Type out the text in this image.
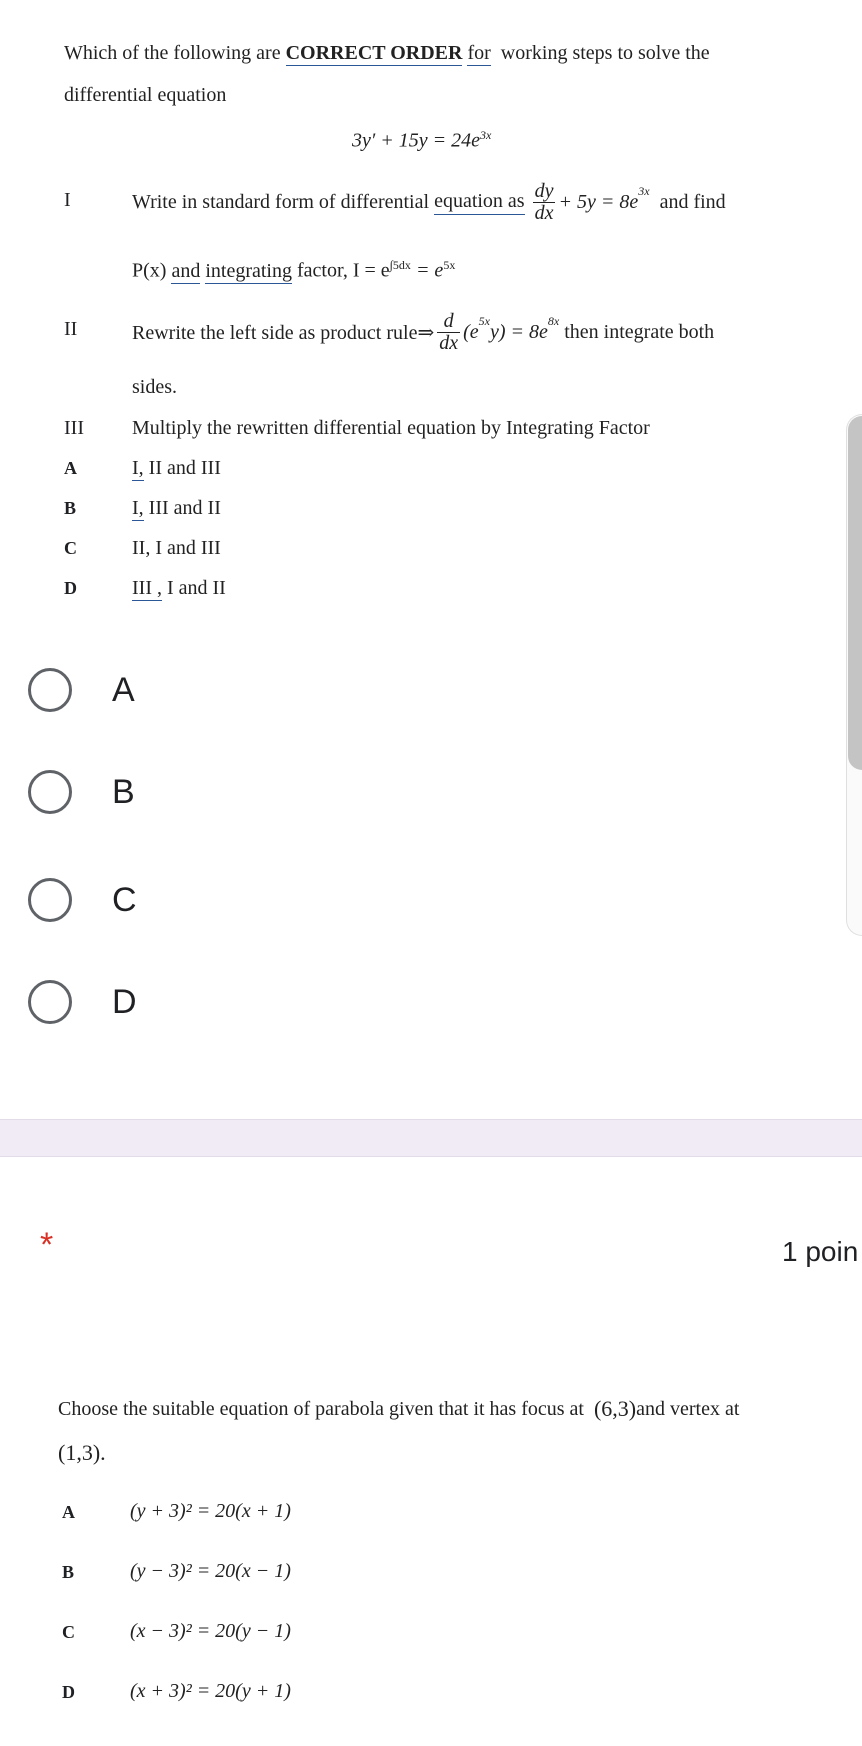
Which of the following are CORRECT ORDER for working steps to solve the
differential equation
$3y' + 15y = 24e^{3x}$
I	Write in standard form of differential
equation as
$\frac{dy}{dx} + 5y = 8e^{3x}$
and find
P(x) and integrating factor, $I = e^{\int 5dx} = e^{5x}$
II	Rewrite the left side as product rule⇒ $\frac{d}{dx} (e^{5x}$ $y) = 8e^{8x}$
then integrate both
sides.
III Multiply the rewritten differential equation by Integrating Factor
A	I, II and III
B	I, III and II
C	II, I and III
D	III , I and II
A
B
C
D
*	1 poin
Choose the suitable equation of parabola given that it has focus at
(6,3) and vertex at
(1,3).
A	(y + 3)² = 20(x + 1)
B	(y − 3)² = 20(x − 1)
C	(x − 3)² = 20(y − 1)
D	(x + 3)² = 20(y + 1)
